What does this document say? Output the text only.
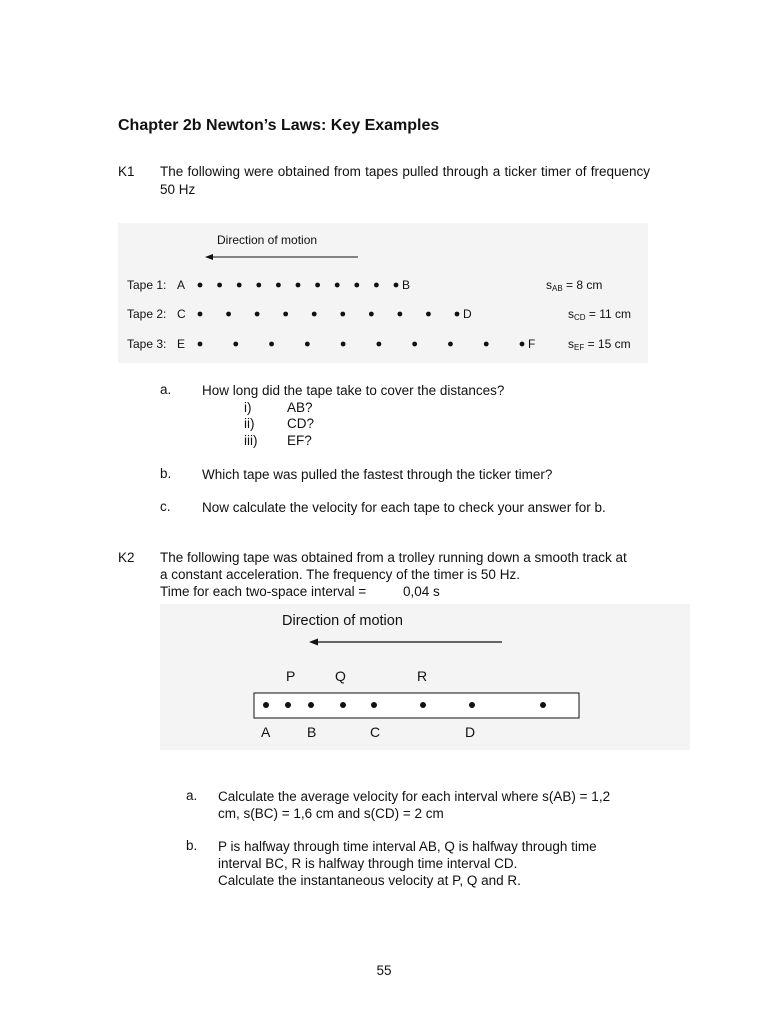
Chapter 2b Newton’s Laws: Key Examples
K1 The following were obtained from tapes pulled through a ticker timer of frequency 50 Hz
Direction of motion
Tape 1: A	B	sAB = 8 cm
Tape 2: C	D	sCD = 11 cm
Tape 3: E	F	sEF = 15 cm
a. How long did the tape take to cover the distances?
i)	AB?
ii) CD?
iii) EF?
b. Which tape was pulled the fastest through the ticker timer?
c. Now calculate the velocity for each tape to check your answer for b.
K2 The following tape was obtained from a trolley running down a smooth track at
a constant acceleration. The frequency of the timer is 50 Hz.
Time for each two-space interval =	0,04 s
Direction of motion
P	Q	R
A	B	C	D
a. Calculate the average velocity for each interval where s(AB) = 1,2
cm, s(BC) = 1,6 cm and s(CD) = 2 cm
b. P is halfway through time interval AB, Q is halfway through time
interval BC, R is halfway through time interval CD.
Calculate the instantaneous velocity at P, Q and R.
55
